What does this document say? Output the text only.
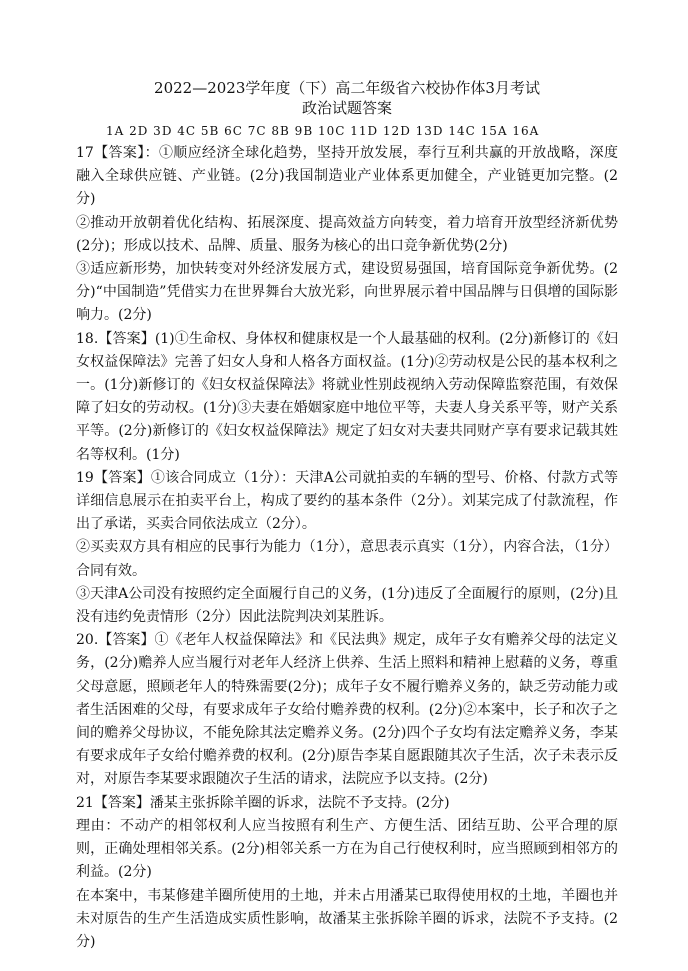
2022—2023学年度（下）高二年级省六校协作体3月考试

政治试题答案

1A 2D 3D 4C 5B 6C 7C 8B 9B 10C 11D 12D 13D 14C 15A 16A

17【答案】：①顺应经济全球化趋势，坚持开放发展，奉行互利共赢的开放战略，深度融入全球供应链、产业链。(2分)我国制造业产业体系更加健全，产业链更加完整。(2分)

②推动开放朝着优化结构、拓展深度、提高效益方向转变，着力培育开放型经济新优势(2分)；形成以技术、品牌、质量、服务为核心的出口竞争新优势(2分)

③适应新形势，加快转变对外经济发展方式，建设贸易强国，培育国际竞争新优势。(2分)“中国制造”凭借实力在世界舞台大放光彩，向世界展示着中国品牌与日俱增的国际影响力。(2分)

18.【答案】(1)①生命权、身体权和健康权是一个人最基础的权利。(2分)新修订的《妇女权益保障法》完善了妇女人身和人格各方面权益。(1分)②劳动权是公民的基本权利之一。(1分)新修订的《妇女权益保障法》将就业性别歧视纳入劳动保障监察范围，有效保障了妇女的劳动权。(1分)③夫妻在婚姻家庭中地位平等，夫妻人身关系平等，财产关系平等。(2分)新修订的《妇女权益保障法》规定了妇女对夫妻共同财产享有要求记载其姓名等权利。(1分)

19【答案】①该合同成立（1分）：天津A公司就拍卖的车辆的型号、价格、付款方式等详细信息展示在拍卖平台上，构成了要约的基本条件（2分）。刘某完成了付款流程，作出了承诺，买卖合同依法成立（2分）。

②买卖双方具有相应的民事行为能力（1分），意思表示真实（1分），内容合法，（1分）合同有效。

③天津A公司没有按照约定全面履行自己的义务，(1分)违反了全面履行的原则，(2分)且没有违约免责情形（2分）因此法院判决刘某胜诉。

20.【答案】①《老年人权益保障法》和《民法典》规定，成年子女有赡养父母的法定义务，(2分)赡养人应当履行对老年人经济上供养、生活上照料和精神上慰藉的义务，尊重父母意愿，照顾老年人的特殊需要(2分)；成年子女不履行赡养义务的，缺乏劳动能力或者生活困难的父母，有要求成年子女给付赡养费的权利。(2分)②本案中，长子和次子之间的赡养父母协议，不能免除其法定赡养义务。(2分)四个子女均有法定赡养义务，李某有要求成年子女给付赡养费的权利。(2分)原告李某自愿跟随其次子生活，次子未表示反对，对原告李某要求跟随次子生活的请求，法院应予以支持。(2分)

21【答案】潘某主张拆除羊圈的诉求，法院不予支持。(2分)

理由：不动产的相邻权利人应当按照有利生产、方便生活、团结互助、公平合理的原则，正确处理相邻关系。(2分)相邻关系一方在为自己行使权利时，应当照顾到相邻方的利益。(2分)

在本案中，韦某修建羊圈所使用的土地，并未占用潘某已取得使用权的土地，羊圈也并未对原告的生产生活造成实质性影响，故潘某主张拆除羊圈的诉求，法院不予支持。(2分)
